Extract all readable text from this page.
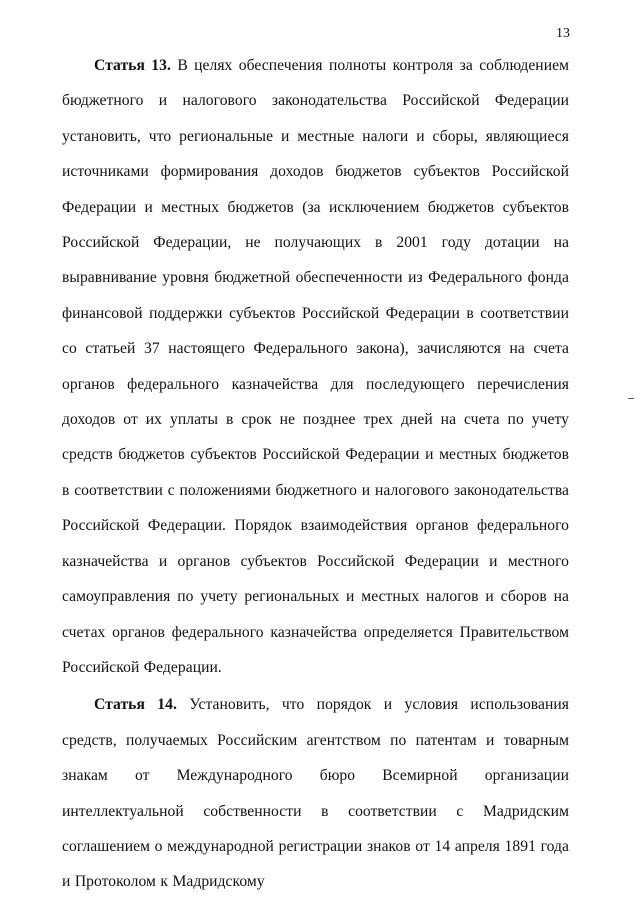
13

Статья 13. В целях обеспечения полноты контроля за соблюдением бюджетного и налогового законодательства Российской Федерации установить, что региональные и местные налоги и сборы, являющиеся источниками формирования доходов бюджетов субъектов Российской Федерации и местных бюджетов (за исключением бюджетов субъектов Российской Федерации, не получающих в 2001 году дотации на выравнивание уровня бюджетной обеспеченности из Федерального фонда финансовой поддержки субъектов Российской Федерации в соответствии со статьей 37 настоящего Федерального закона), зачисляются на счета органов федерального казначейства для последующего перечисления доходов от их уплаты в срок не позднее трех дней на счета по учету средств бюджетов субъектов Российской Федерации и местных бюджетов в соответствии с положениями бюджетного и налогового законодательства Российской Федерации. Порядок взаимодействия органов федерального казначейства и органов субъектов Российской Федерации и местного самоуправления по учету региональных и местных налогов и сборов на счетах органов федерального казначейства определяется Правительством Российской Федерации.

Статья 14. Установить, что порядок и условия использования средств, получаемых Российским агентством по патентам и товарным знакам от Международного бюро Всемирной организации интеллектуальной собственности в соответствии с Мадридским соглашением о международной регистрации знаков от 14 апреля 1891 года и Протоколом к Мадридскому
